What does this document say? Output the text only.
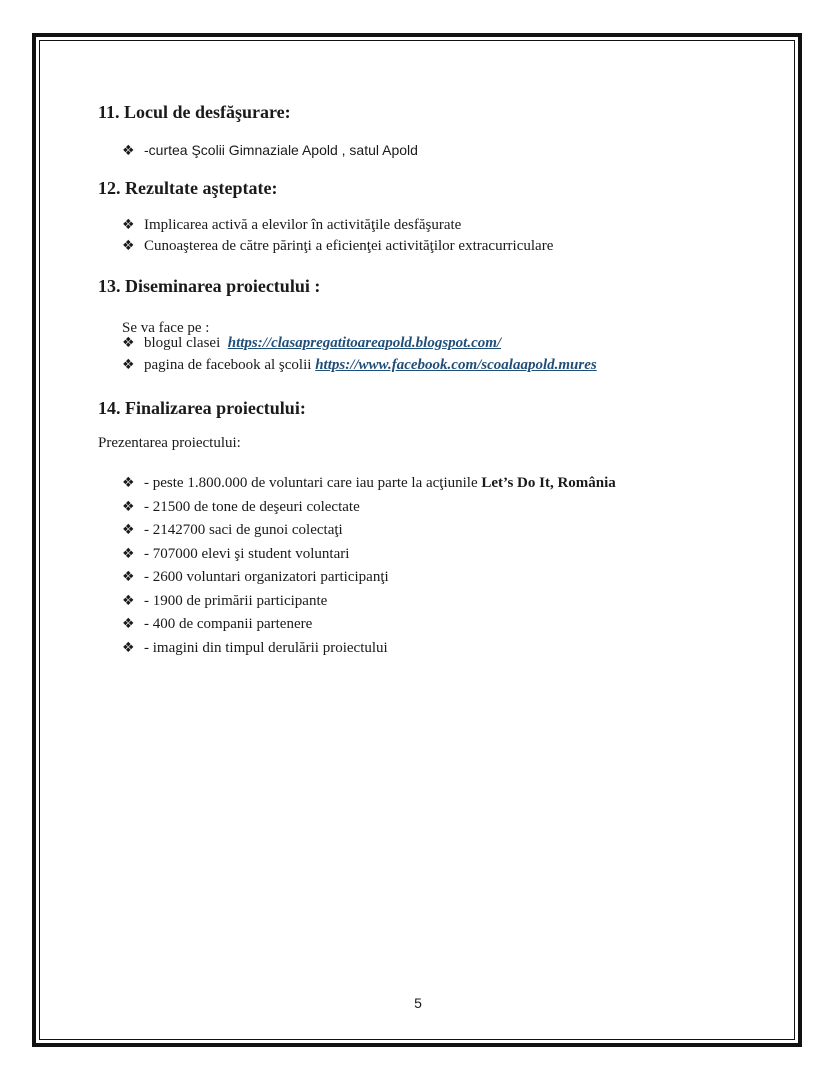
11. Locul de desfăşurare:
❖ -curtea Şcolii Gimnaziale Apold , satul Apold
12. Rezultate aşteptate:
❖ Implicarea activă a elevilor în activităţile desfăşurate
❖ Cunoaşterea de către părinţi a eficienţei activităţilor extracurriculare
13. Diseminarea proiectului :
Se va face pe :
❖ blogul clasei https://clasapregatitoareapold.blogspot.com/
❖ pagina de facebook al şcolii https://www.facebook.com/scoalaapold.mures
14. Finalizarea proiectului:
Prezentarea proiectului:
❖ - peste 1.800.000 de voluntari care iau parte la acţiunile Let’s Do It, România
❖ - 21500 de tone de deşeuri colectate
❖ - 2142700 saci de gunoi colectaţi
❖ - 707000 elevi şi student voluntari
❖ - 2600 voluntari organizatori participanţi
❖ - 1900 de primării participante
❖ - 400 de companii partenere
❖ - imagini din timpul derulării proiectului
5
